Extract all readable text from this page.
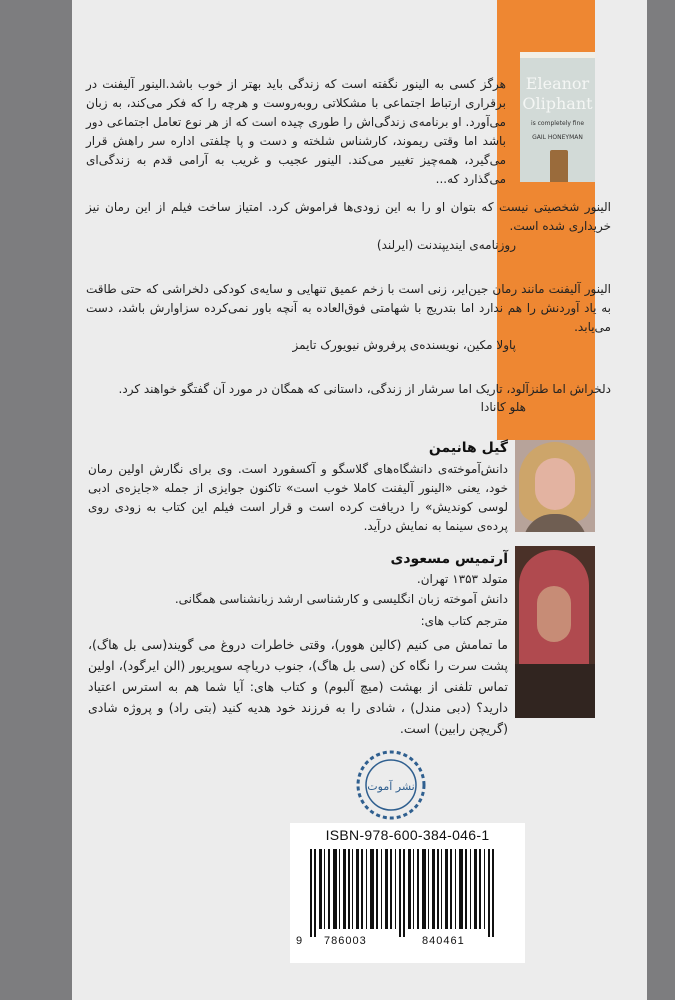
Eleanor
Oliphant
is completely fine
GAIL HONEYMAN

هرگز کسی به الینور نگفته است که زندگی باید بهتر از خوب باشد.الینور آلیفنت در برقراری ارتباط اجتماعی با مشکلاتی روبه‌روست و هرچه را که فکر می‌کند، به زبان می‌آورد. او برنامه‌ی زندگی‌اش را طوری چیده است که از هر نوع تعامل اجتماعی دور باشد اما وقتی ریموند، کارشناس شلخته و دست و پا چلفتی اداره سر راهش قرار می‌گیرد، همه‌چیز تغییر می‌کند. الینور عجیب و غریب به آرامی قدم به زندگی‌ای می‌گذارد که...

الینور شخصیتی نیست که بتوان او را به این زودی‌ها فراموش کرد. امتیاز ساخت فیلم از این رمان نیز خریداری شده است.

روزنامه‌ی ایندیپندنت (ایرلند)

الینور آلیفنت مانند رمان جین‌ایر، زنی است با زخم عمیق تنهایی و سایه‌ی کودکی دلخراشی که حتی طاقت به یاد آوردنش را هم ندارد اما بتدریج با شهامتی فوق‌العاده به آنچه باور نمی‌کرده سزاوارش باشد، دست می‌یابد.

پاولا مکین، نویسنده‌ی پرفروش نیویورک تایمز

دلخراش اما طنزآلود، تاریک اما سرشار از زندگی، داستانی که همگان در مورد آن گفتگو خواهند کرد.

هلو کانادا

گیل هانیمن

دانش‌آموخته‌ی دانشگاه‌های گلاسگو و آکسفورد است. وی برای نگارش اولین رمان خود، یعنی «الینور آلیفنت کاملا خوب است» تاکنون جوایزی از جمله «جایزه‌ی ادبی لوسی کوندیش» را دریافت کرده است و قرار است فیلم این کتاب به زودی روی پرده‌ی سینما به نمایش درآید.

آرتمیس مسعودی

متولد ۱۳۵۳ تهران.

دانش آموخته زبان انگلیسی و کارشناسی ارشد زبانشناسی همگانی.

مترجم کتاب های:

ما تمامش می کنیم (کالین هوور)، وقتی خاطرات دروغ می گویند(سی بل هاگ)، پشت سرت را نگاه کن (سی بل هاگ)، جنوب دریاچه سوپریور (الن ایرگود)، اولین تماس تلفنی از بهشت (میچ آلبوم) و کتاب های: آیا شما هم به استرس اعتیاد دارید؟ (دبی مندل) ، شادی را به فرزند خود هدیه کنید (بتی راد) و پروژه شادی (گریچن رابین) است.

نشر آموت
ISBN-978-600-384-046-1
9 786003	840461
